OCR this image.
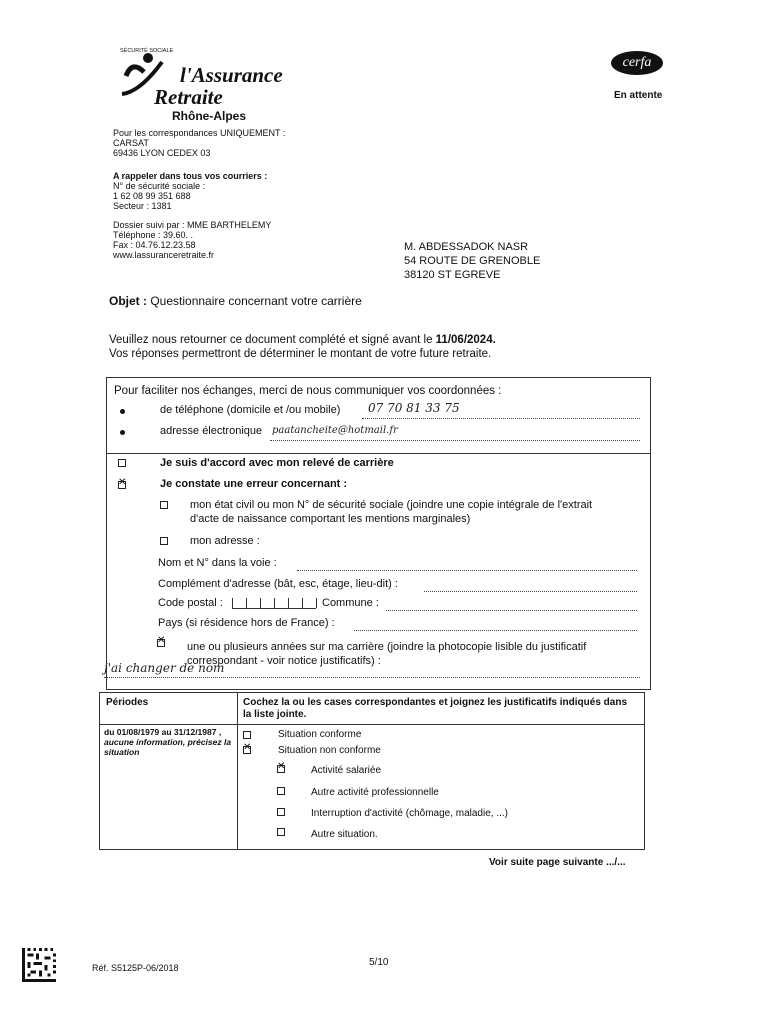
SÉCURITÉ SOCIALE
l'Assurance
Retraite
Rhône-Alpes
cerfa
En attente
Pour les correspondances UNIQUEMENT :
CARSAT
69436 LYON CEDEX 03
A rappeler dans tous vos courriers :
N° de sécurité sociale :
1 62 08 99 351 688
Secteur : 1381
Dossier suivi par : MME BARTHELEMY
Téléphone : 39.60. .
Fax : 04.76.12.23.58
www.lassuranceretraite.fr
M. ABDESSADOK NASR
54 ROUTE DE GRENOBLE
38120 ST EGREVE
Objet : Questionnaire concernant votre carrière
Veuillez nous retourner ce document complété et signé avant le 11/06/2024.
Vos réponses permettront de déterminer le montant de votre future retraite.
Pour faciliter nos échanges, merci de nous communiquer vos coordonnées :
de téléphone (domicile et /ou mobile) 07 70 81 33 75
adresse électronique paatancheite@hotmail.fr
Je suis d'accord avec mon relevé de carrière
✕
Je constate une erreur concernant :
mon état civil ou mon N° de sécurité sociale (joindre une copie intégrale de l'extrait
d'acte de naissance comportant les mentions marginales)
mon adresse :
Nom et N° dans la voie :
Complément d'adresse (bât, esc, étage, lieu-dit) :
Code postal :	Commune :
Pays (si résidence hors de France) :
✕
une ou plusieurs années sur ma carrière (joindre la photocopie lisible du justificatif
correspondant - voir notice justificatifs) :
j'ai changer de nom
Périodes	Cochez la ou les cases correspondantes et joignez les justificatifs indiqués dans la liste jointe.
du 01/08/1979 au 31/12/1987 , aucune information, précisez la situation
Situation conforme
✕
Situation non conforme
✕
Activité salariée
Autre activité professionnelle
Interruption d'activité (chômage, maladie, ...)
Autre situation.
Voir suite page suivante .../...
Réf. S5125P-06/2018	5/10
